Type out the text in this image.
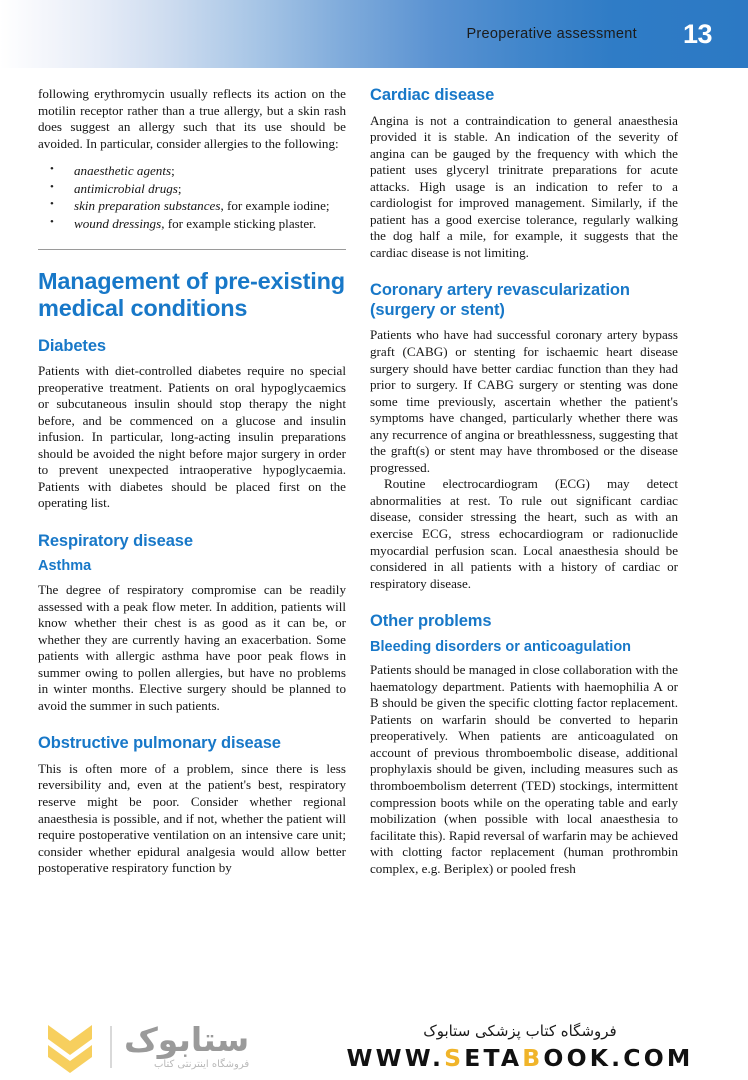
Preoperative assessment 13

following erythromycin usually reflects its action on the motilin receptor rather than a true allergy, but a skin rash does suggest an allergy such that its use should be avoided. In particular, consider allergies to the following:

• anaesthetic agents;
• antimicrobial drugs;
• skin preparation substances, for example iodine;
• wound dressings, for example sticking plaster.
Management of pre-existing medical conditions
Diabetes

Patients with diet-controlled diabetes require no special preoperative treatment. Patients on oral hypoglycaemics or subcutaneous insulin should stop therapy the night before, and be commenced on a glucose and insulin infusion. In particular, long-acting insulin preparations should be avoided the night before major surgery in order to prevent unexpected intraoperative hypoglycaemia. Patients with diabetes should be placed first on the operating list.

Respiratory disease
Asthma

The degree of respiratory compromise can be readily assessed with a peak flow meter. In addition, patients will know whether their chest is as good as it can be, or whether they are currently having an exacerbation. Some patients with allergic asthma have poor peak flows in summer owing to pollen allergies, but have no problems in winter months. Elective surgery should be planned to avoid the summer in such patients.

Obstructive pulmonary disease

This is often more of a problem, since there is less reversibility and, even at the patient's best, respiratory reserve might be poor. Consider whether regional anaesthesia is possible, and if not, whether the patient will require postoperative ventilation on an intensive care unit; consider whether epidural analgesia would allow better postoperative respiratory function by

Cardiac disease

Angina is not a contraindication to general anaesthesia provided it is stable. An indication of the severity of angina can be gauged by the frequency with which the patient uses glyceryl trinitrate preparations for acute attacks. High usage is an indication to refer to a cardiologist for improved management. Similarly, if the patient has a good exercise tolerance, regularly walking the dog half a mile, for example, it suggests that the cardiac disease is not limiting.

Coronary artery revascularization (surgery or stent)

Patients who have had successful coronary artery bypass graft (CABG) or stenting for ischaemic heart disease surgery should have better cardiac function than they had prior to surgery. If CABG surgery or stenting was done some time previously, ascertain whether the patient's symptoms have changed, particularly whether there was any recurrence of angina or breathlessness, suggesting that the graft(s) or stent may have thrombosed or the disease progressed.

Routine electrocardiogram (ECG) may detect abnormalities at rest. To rule out significant cardiac disease, consider stressing the heart, such as with an exercise ECG, stress echocardiogram or radionuclide myocardial perfusion scan. Local anaesthesia should be considered in all patients with a history of cardiac or respiratory disease.

Other problems
Bleeding disorders or anticoagulation

Patients should be managed in close collaboration with the haematology department. Patients with haemophilia A or B should be given the specific clotting factor replacement. Patients on warfarin should be converted to heparin preoperatively. When patients are anticoagulated on account of previous thromboembolic disease, additional prophylaxis should be given, including measures such as thromboembolism deterrent (TED) stockings, intermittent compression boots while on the operating table and early mobilization (when possible with local anaesthesia to facilitate this). Rapid reversal of warfarin may be achieved with clotting factor replacement (human prothrombin complex, e.g. Beriplex) or pooled fresh

ستابوک
فروشگاه اینترنتی کتاب
فروشگاه کتاب پزشکی ستابوک
WWW.SETABOOK.COM
